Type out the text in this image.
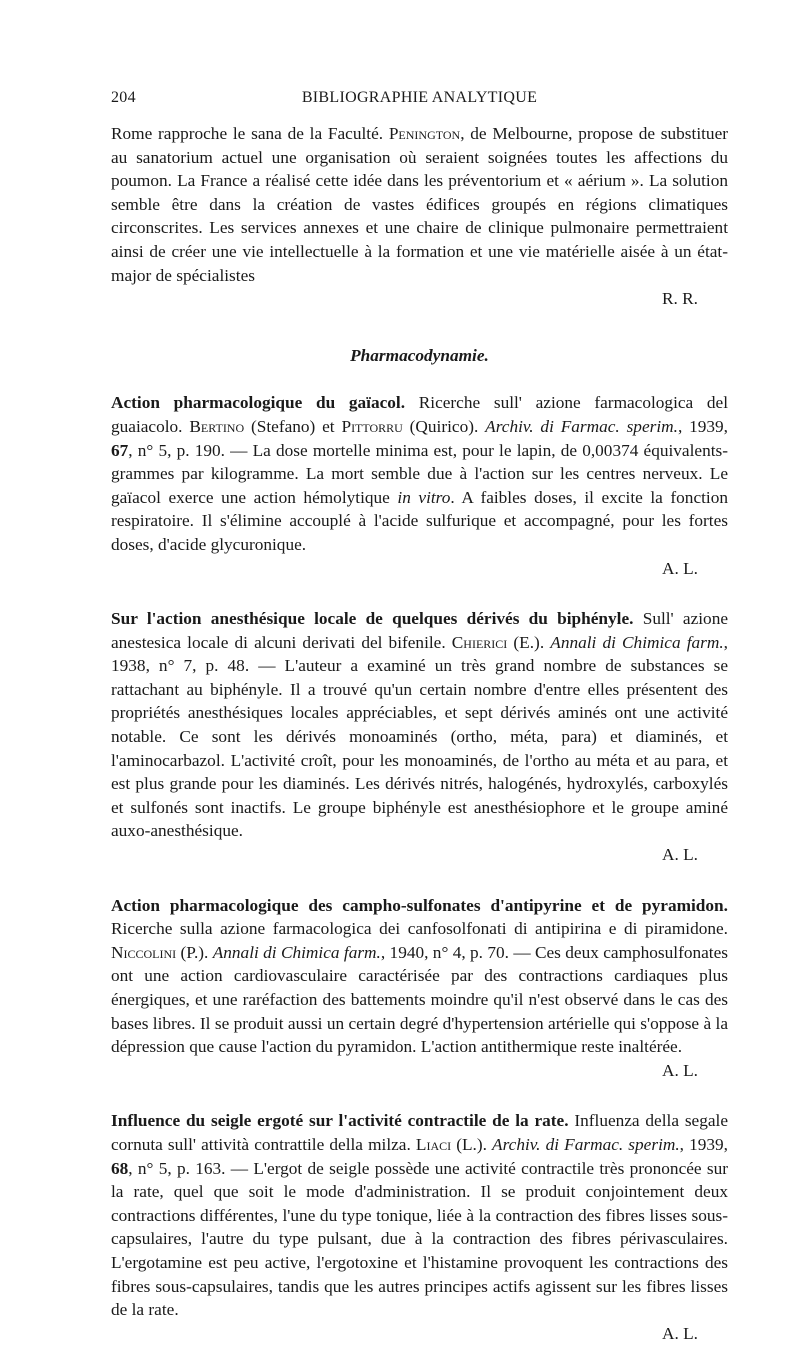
204	BIBLIOGRAPHIE ANALYTIQUE

Rome rapproche le sana de la Faculté. Penington, de Melbourne, propose de substituer au sanatorium actuel une organisation où seraient soignées toutes les affections du poumon. La France a réalisé cette idée dans les préventorium et « aérium ». La solution semble être dans la création de vastes édifices groupés en régions climatiques circonscrites. Les services annexes et une chaire de clinique pulmonaire permettraient ainsi de créer une vie intellectuelle à la formation et une vie matérielle aisée à un état-major de spécialistes
R. R.

Pharmacodynamie.

Action pharmacologique du gaïacol. Ricerche sull' azione farmacologica del guaiacolo. Bertino (Stefano) et Pittorru (Quirico). Archiv. di Farmac. sperim., 1939, 67, n° 5, p. 190. — La dose mortelle minima est, pour le lapin, de 0,00374 équivalents-grammes par kilogramme. La mort semble due à l'action sur les centres nerveux. Le gaïacol exerce une action hémolytique in vitro. A faibles doses, il excite la fonction respiratoire. Il s'élimine accouplé à l'acide sulfurique et accompagné, pour les fortes doses, d'acide glycuronique.
A. L.

Sur l'action anesthésique locale de quelques dérivés du biphényle. Sull' azione anestesica locale di alcuni derivati del bifenile. Chierici (E.). Annali di Chimica farm., 1938, n° 7, p. 48. — L'auteur a examiné un très grand nombre de substances se rattachant au biphényle. Il a trouvé qu'un certain nombre d'entre elles présentent des propriétés anesthésiques locales appréciables, et sept dérivés aminés ont une activité notable. Ce sont les dérivés monoaminés (ortho, méta, para) et diaminés, et l'aminocarbazol. L'activité croît, pour les monoaminés, de l'ortho au méta et au para, et est plus grande pour les diaminés. Les dérivés nitrés, halogénés, hydroxylés, carboxylés et sulfonés sont inactifs. Le groupe biphényle est anesthésiophore et le groupe aminé auxo-anesthésique.
A. L.

Action pharmacologique des campho-sulfonates d'antipyrine et de pyramidon. Ricerche sulla azione farmacologica dei canfosolfonati di antipirina e di piramidone. Niccolini (P.). Annali di Chimica farm., 1940, n° 4, p. 70. — Ces deux camphosulfonates ont une action cardiovasculaire caractérisée par des contractions cardiaques plus énergiques, et une raréfaction des battements moindre qu'il n'est observé dans le cas des bases libres. Il se produit aussi un certain degré d'hypertension artérielle qui s'oppose à la dépression que cause l'action du pyramidon. L'action antithermique reste inaltérée.
A. L.

Influence du seigle ergoté sur l'activité contractile de la rate. Influenza della segale cornuta sull' attività contrattile della milza. Liaci (L.). Archiv. di Farmac. sperim., 1939, 68, n° 5, p. 163. — L'ergot de seigle possède une activité contractile très prononcée sur la rate, quel que soit le mode d'administration. Il se produit conjointement deux contractions différentes, l'une du type tonique, liée à la contraction des fibres lisses sous-capsulaires, l'autre du type pulsant, due à la contraction des fibres périvasculaires. L'ergotamine est peu active, l'ergotoxine et l'histamine provoquent les contractions des fibres sous-capsulaires, tandis que les autres principes actifs agissent sur les fibres lisses de la rate.
A. L.
